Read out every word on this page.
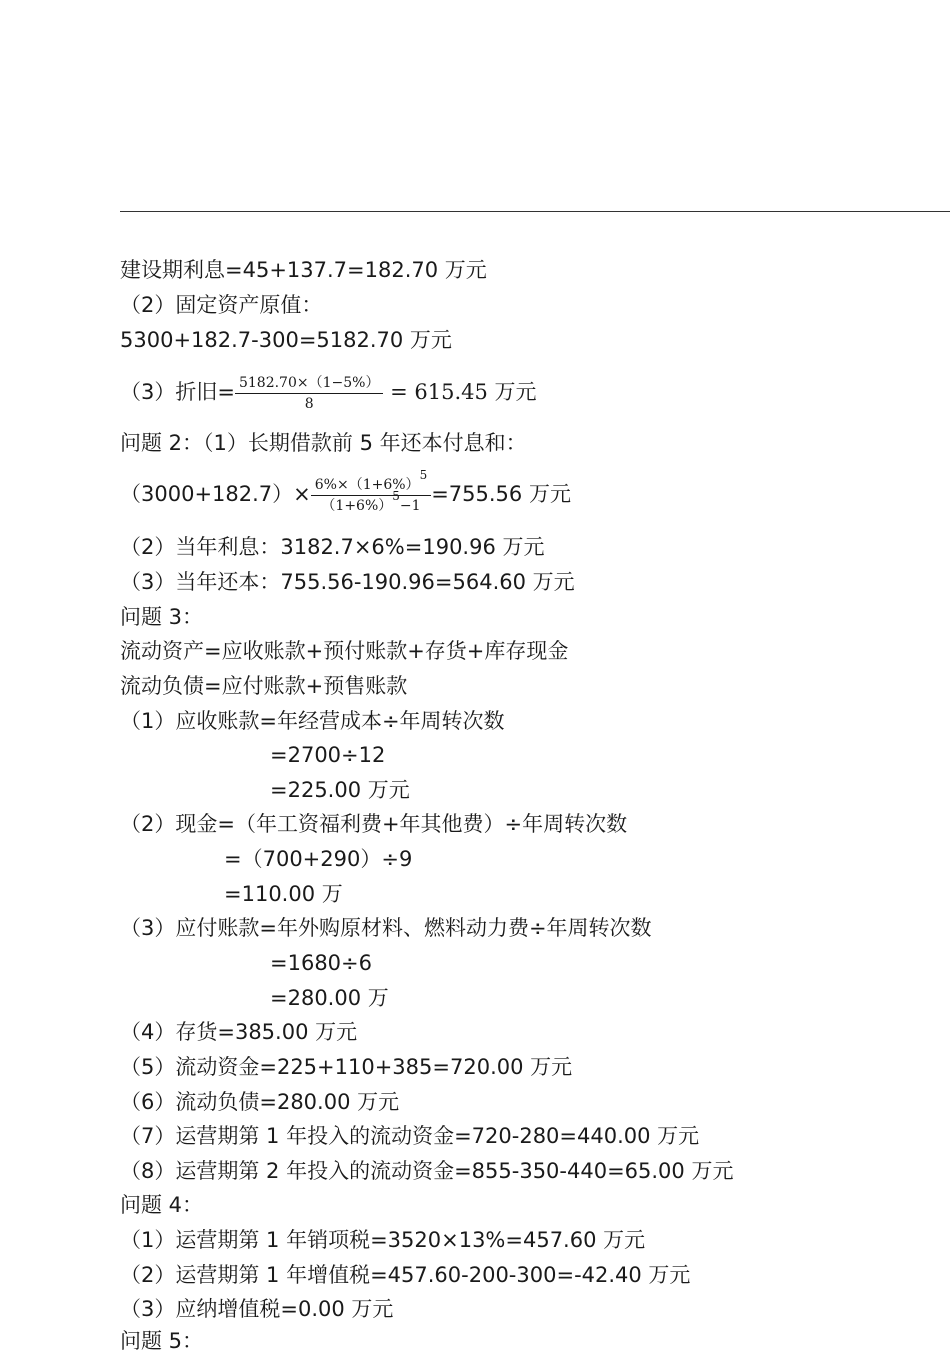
建设期利息=45+137.7=182.70 万元
（2）固定资产原值：
5300+182.7-300=5182.70 万元
（3）折旧= $\frac{5182.70\times(1-5\%)}{8} = 615.45$ 万元
问题 2：（1）长期借款前 5 年还本付息和：
$(3000+182.7)\times \frac{6\%\times(1+6\%)5}{(1+6\%)5-1} =755.56$ 万元
（2）当年利息：3182.7×6%=190.96 万元
（3）当年还本：755.56-190.96=564.60 万元
问题 3：
流动资产=应收账款+预付账款+存货+库存现金
流动负债=应付账款+预售账款
（1）应收账款=年经营成本÷年周转次数
=2700÷12
=225.00 万元
（2）现金=（年工资福利费+年其他费）÷年周转次数
=（700+290）÷9
=110.00 万
（3）应付账款=年外购原材料、燃料动力费÷年周转次数
=1680÷6
=280.00 万
（4）存货=385.00 万元
（5）流动资金=225+110+385=720.00 万元
（6）流动负债=280.00 万元
（7）运营期第 1 年投入的流动资金=720-280=440.00 万元
（8）运营期第 2 年投入的流动资金=855-350-440=65.00 万元
问题 4：
（1）运营期第 1 年销项税=3520×13%=457.60 万元
（2）运营期第 1 年增值税=457.60-200-300=-42.40 万元
（3）应纳增值税=0.00 万元
问题 5：
